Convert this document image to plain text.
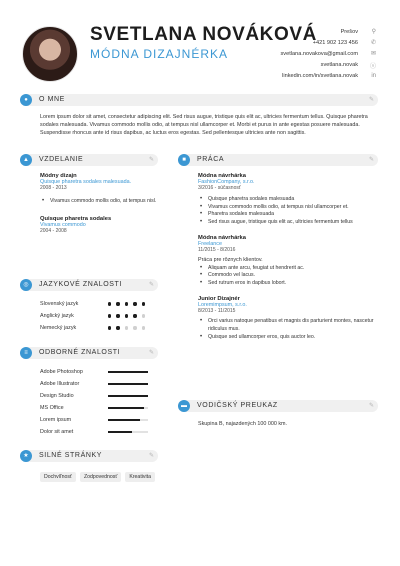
SVETLANA NOVÁKOVÁ
MÓDNA DIZAJNÉRKA
Prešov	⚲
+421 902 123 456	✆
svetlana.novakova@gmail.com	✉
svetlana.novak	ⓢ
linkedin.com/in/svetlana.novak	in
●	O MNE	✎
Lorem ipsum dolor sit amet, consectetur adipiscing elit. Sed risus augue, tristique quis elit ac, ultricies fermentum tellus. Quisque pharetra sodales malesuada. Vivamus commodo mollis odio, at tempus nisl ullamcorper et. Morbi et purus in ante egestas posuere malesuada. Suspendisse rhoncus ante id risus dapibus, ac luctus eros egestas. Sed pellentesque ultricies ante non sagittis.
▲	VZDELANIE	✎
Módny dizajn
Quisque pharetra sodales malesuada.
2008 - 2013
• Vivamus commodo mollis odio, at tempus nisl.
Quisque pharetra sodales
Vivamus commodo
2004 - 2008
■	PRÁCA	✎
Módna návrhárka
FashionCompany, s.r.o.
3/2016 - súčasnosť
• Quisque pharetra sodales malesuada
• Vivamus commodo mollis odio, at tempus nisl ullamcorper et.
• Pharetra sodales malesuada
• Sed risus augue, tristique quis elit ac, ultricies fermentum tellus
Módna návrhárka
Freelance
11/2015 - 8/2016
Práca pre rôznych klientov.
• Aliquam ante arcu, feugiat ut hendrerit ac.
• Commodo vel lacus.
• Sed rutrum eros in dapibus lobort.
Junior Dizajnér
Loremimpsum, s.r.o.
8/2013 - 11/2015
• Orci varius natoque penatibus et magnis dis parturient montes, nascetur ridiculus mus.
• Quisque sed ullamcorper eros, quis auctor leo.
◎	JAZYKOVÉ ZNALOSTI	✎
Slovenský jazyk
Anglický jazyk
Nemecký jazyk
≡	ODBORNÉ ZNALOSTI	✎
Adobe Photoshop
Adobe Illustrator
Design Studio
MS Office
Lorem ipsum
Dolor sit amet
★	SILNÉ STRÁNKY	✎
Dochvíľnosť	Zodpovednosť	Kreativita
▬	VODIČSKÝ PREUKAZ	✎
Skupina B, najazdených 100 000 km.
